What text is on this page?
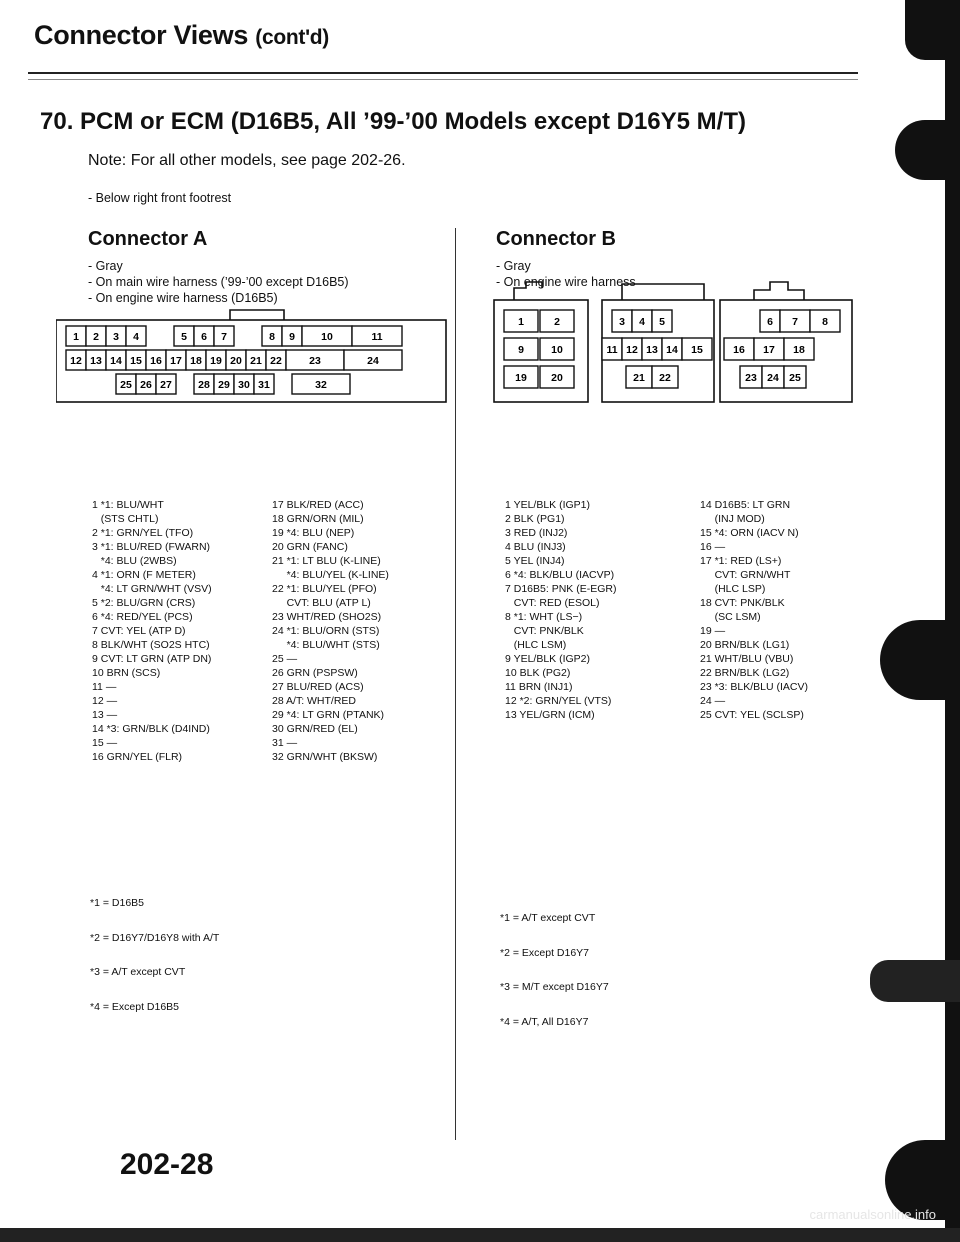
Connector Views (cont'd)
70. PCM or ECM (D16B5, All ’99-’00 Models except D16Y5 M/T)
Note: For all other models, see page 202-26.
- Below right front footrest
Connector A
- Gray
- On main wire harness (’99-’00 except D16B5)
- On engine wire harness (D16B5)
Connector B
- Gray
- On engine wire harness
1 2 3 4	5 6 7	8 9 10	11
12 13 14 15 16 17 18 19 20 21 22	23	24
25 26 27	28 29 30 31	32
1	2	3 4 5	6 7 8
9	10	11 12 13 14 15	16 17 18
19 20	21 22	23 24 25
1 *1: BLU/WHT
(STS CHTL)
2 *1: GRN/YEL (TFO)
3 *1: BLU/RED (FWARN)
*4: BLU (2WBS)
4 *1: ORN (F METER)
*4: LT GRN/WHT (VSV)
5 *2: BLU/GRN (CRS)
6 *4: RED/YEL (PCS)
7 CVT: YEL (ATP D)
8 BLK/WHT (SO2S HTC)
9 CVT: LT GRN (ATP DN)
10 BRN (SCS)
11 —
12 —
13 —
14 *3: GRN/BLK (D4IND)
15 —
16 GRN/YEL (FLR)
17 BLK/RED (ACC)
18 GRN/ORN (MIL)
19 *4: BLU (NEP)
20 GRN (FANC)
21 *1: LT BLU (K-LINE)
*4: BLU/YEL (K-LINE)
22 *1: BLU/YEL (PFO)
CVT: BLU (ATP L)
23 WHT/RED (SHO2S)
24 *1: BLU/ORN (STS)
*4: BLU/WHT (STS)
25 —
26 GRN (PSPSW)
27 BLU/RED (ACS)
28 A/T: WHT/RED
29 *4: LT GRN (PTANK)
30 GRN/RED (EL)
31 —
32 GRN/WHT (BKSW)
1 YEL/BLK (IGP1)
2 BLK (PG1)
3 RED (INJ2)
4 BLU (INJ3)
5 YEL (INJ4)
6 *4: BLK/BLU (IACVP)
7 D16B5: PNK (E-EGR)
CVT: RED (ESOL)
8 *1: WHT (LS−)
CVT: PNK/BLK
(HLC LSM)
9 YEL/BLK (IGP2)
10 BLK (PG2)
11 BRN (INJ1)
12 *2: GRN/YEL (VTS)
13 YEL/GRN (ICM)
14 D16B5: LT GRN
(INJ MOD)
15 *4: ORN (IACV N)
16 —
17 *1: RED (LS+)
CVT: GRN/WHT
(HLC LSP)
18 CVT: PNK/BLK
(SC LSM)
19 —
20 BRN/BLK (LG1)
21 WHT/BLU (VBU)
22 BRN/BLK (LG2)
23 *3: BLK/BLU (IACV)
24 —
25 CVT: YEL (SCLSP)

*1 = D16B5

*2 = D16Y7/D16Y8 with A/T

*3 = A/T except CVT

*4 = Except D16B5

*1 = A/T except CVT

*2 = Except D16Y7

*3 = M/T except D16Y7

*4 = A/T, All D16Y7

202-28
carmanualsonline.info
